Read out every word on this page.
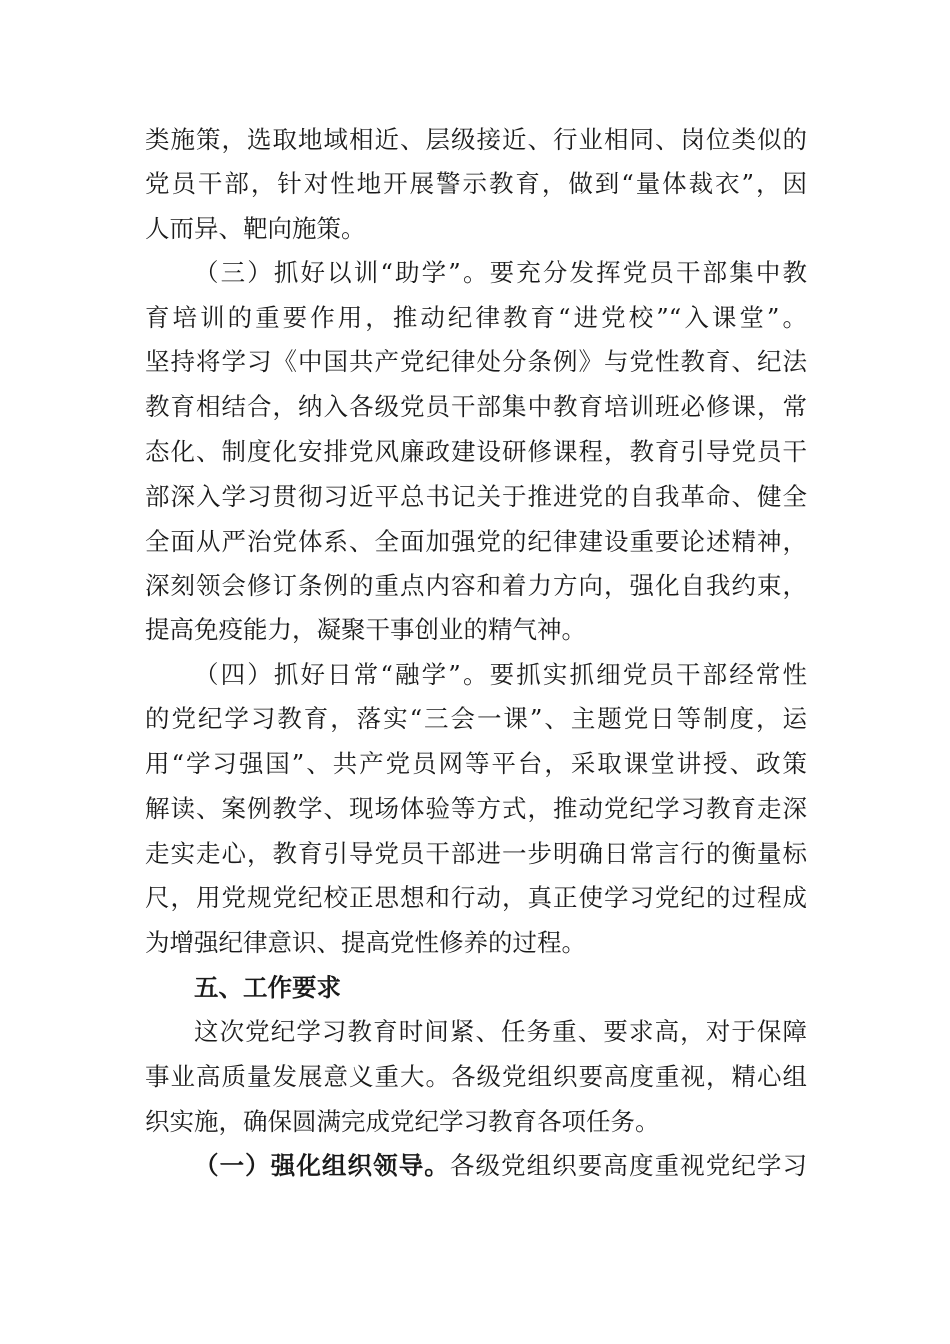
类施策，选取地域相近、层级接近、行业相同、岗位类似的
党员干部，针对性地开展警示教育，做到“量体裁衣”，因
人而异、靶向施策。
（三）抓好以训“助学”。要充分发挥党员干部集中教
育培训的重要作用，推动纪律教育“进党校”“入课堂”。
坚持将学习《中国共产党纪律处分条例》与党性教育、纪法
教育相结合，纳入各级党员干部集中教育培训班必修课，常
态化、制度化安排党风廉政建设研修课程，教育引导党员干
部深入学习贯彻习近平总书记关于推进党的自我革命、健全
全面从严治党体系、全面加强党的纪律建设重要论述精神，
深刻领会修订条例的重点内容和着力方向，强化自我约束，
提高免疫能力，凝聚干事创业的精气神。
（四）抓好日常“融学”。要抓实抓细党员干部经常性
的党纪学习教育，落实“三会一课”、主题党日等制度，运
用“学习强国”、共产党员网等平台，采取课堂讲授、政策
解读、案例教学、现场体验等方式，推动党纪学习教育走深
走实走心，教育引导党员干部进一步明确日常言行的衡量标
尺，用党规党纪校正思想和行动，真正使学习党纪的过程成
为增强纪律意识、提高党性修养的过程。
五、工作要求
这次党纪学习教育时间紧、任务重、要求高，对于保障
事业高质量发展意义重大。各级党组织要高度重视，精心组
织实施，确保圆满完成党纪学习教育各项任务。
（一）强化组织领导。各级党组织要高度重视党纪学习
